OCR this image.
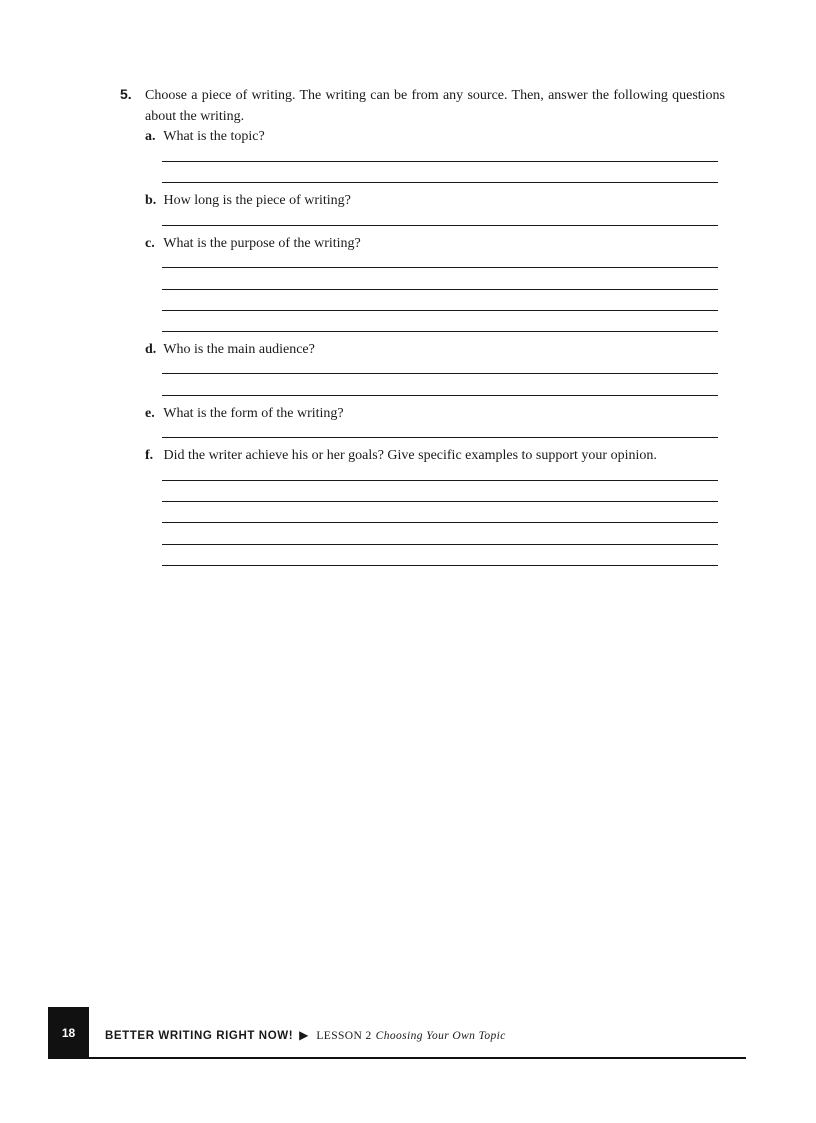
5. Choose a piece of writing. The writing can be from any source. Then, answer the following questions about the writing.
a. What is the topic?
b. How long is the piece of writing?
c. What is the purpose of the writing?
d. Who is the main audience?
e. What is the form of the writing?
f. Did the writer achieve his or her goals? Give specific examples to support your opinion.
18	BETTER WRITING RIGHT NOW! ▶ LESSON 2 Choosing Your Own Topic
